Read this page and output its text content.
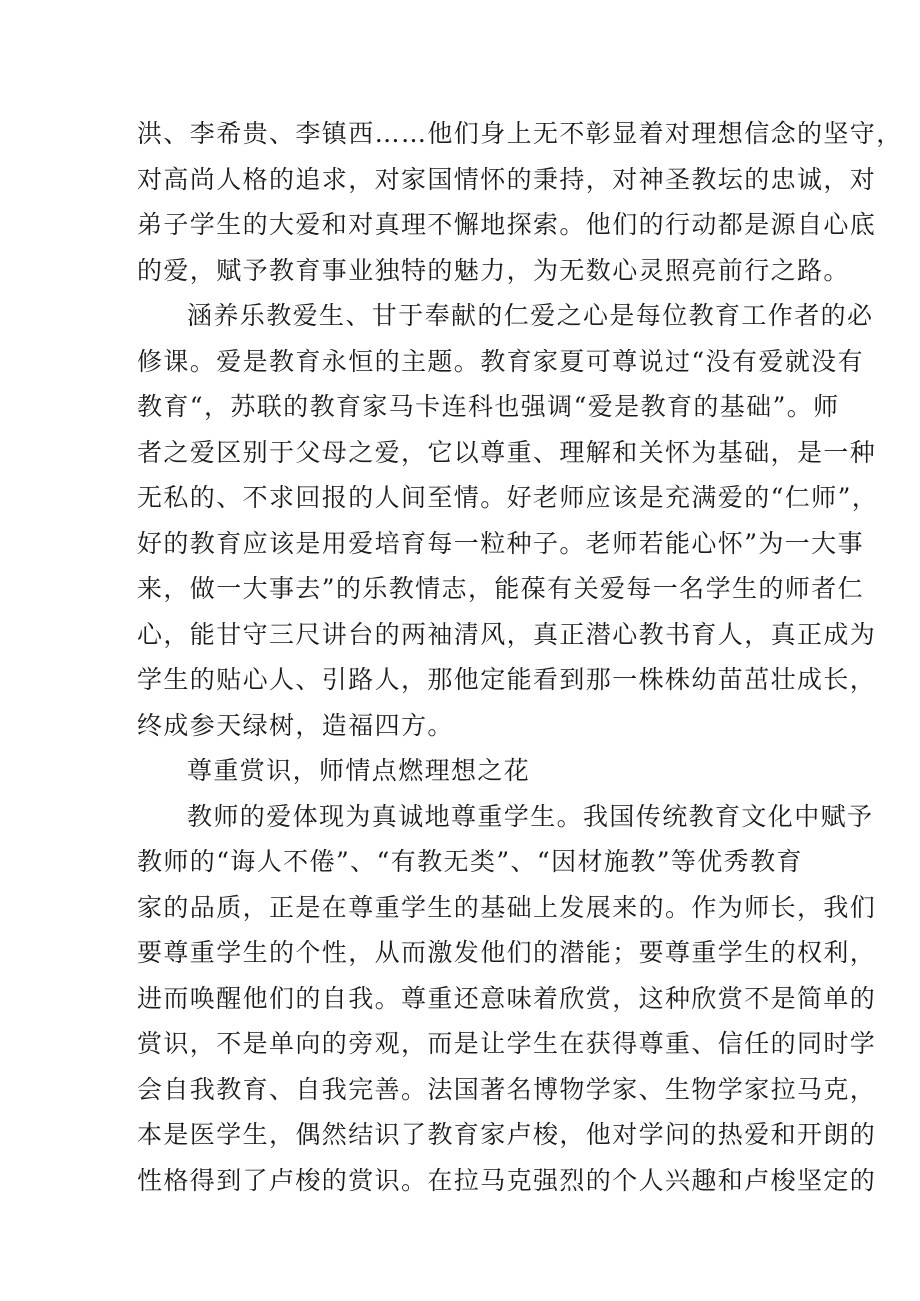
洪、李希贵、李镇西……他们身上无不彰显着对理想信念的坚守，
对高尚人格的追求，对家国情怀的秉持，对神圣教坛的忠诚，对
弟子学生的大爱和对真理不懈地探索。他们的行动都是源自心底
的爱，赋予教育事业独特的魅力，为无数心灵照亮前行之路。
涵养乐教爱生、甘于奉献的仁爱之心是每位教育工作者的必
修课。爱是教育永恒的主题。教育家夏可尊说过“没有爱就没有
教育“，苏联的教育家马卡连科也强调“爱是教育的基础”。师
者之爱区别于父母之爱，它以尊重、理解和关怀为基础，是一种
无私的、不求回报的人间至情。好老师应该是充满爱的“仁师”，
好的教育应该是用爱培育每一粒种子。老师若能心怀”为一大事
来，做一大事去”的乐教情志，能葆有关爱每一名学生的师者仁
心，能甘守三尺讲台的两袖清风，真正潜心教书育人，真正成为
学生的贴心人、引路人，那他定能看到那一株株幼苗茁壮成长，
终成参天绿树，造福四方。
尊重赏识，师情点燃理想之花
教师的爱体现为真诚地尊重学生。我国传统教育文化中赋予
教师的“诲人不倦”、“有教无类”、“因材施教”等优秀教育
家的品质，正是在尊重学生的基础上发展来的。作为师长，我们
要尊重学生的个性，从而激发他们的潜能；要尊重学生的权利，
进而唤醒他们的自我。尊重还意味着欣赏，这种欣赏不是简单的
赏识，不是单向的旁观，而是让学生在获得尊重、信任的同时学
会自我教育、自我完善。法国著名博物学家、生物学家拉马克，
本是医学生，偶然结识了教育家卢梭，他对学问的热爱和开朗的
性格得到了卢梭的赏识。在拉马克强烈的个人兴趣和卢梭坚定的
